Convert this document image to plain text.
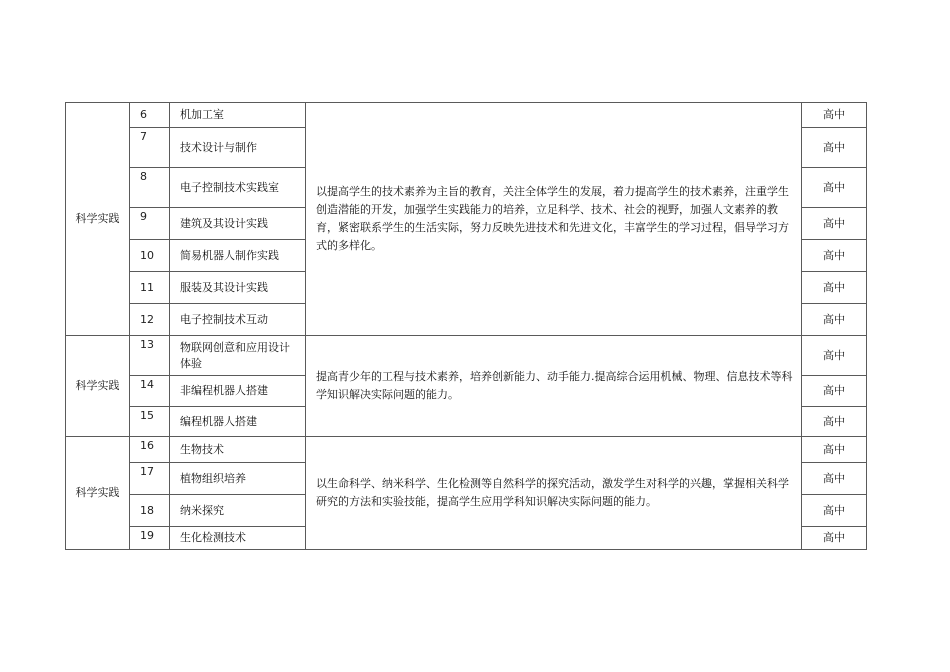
科学实践	6	机加工室	以提高学生的技术素养为主旨的教育，关注全体学生的发展，着力提高学生的技术素养，注重学生创造潜能的开发，加强学生实践能力的培养，立足科学、技术、社会的视野，加强人文素养的教育，紧密联系学生的生活实际，努力反映先进技术和先进文化，丰富学生的学习过程，倡导学习方式的多样化。	高中
	7	技术设计与制作		高中
	8	电子控制技术实践室		高中
	9	建筑及其设计实践		高中
	10	简易机器人制作实践		高中
	11	服装及其设计实践		高中
	12	电子控制技术互动		高中
科学实践	13	物联网创意和应用设计体验	提高青少年的工程与技术素养，培养创新能力、动手能力.提高综合运用机械、物理、信息技术等科学知识解决实际问题的能力。	高中
	14	非编程机器人搭建		高中
	15	编程机器人搭建		高中
科学实践	16	生物技术	以生命科学、纳米科学、生化检测等自然科学的探究活动，激发学生对科学的兴趣，掌握相关科学研究的方法和实验技能，提高学生应用学科知识解决实际问题的能力。	高中
	17	植物组织培养		高中
	18	纳米探究		高中
	19	生化检测技术		高中
